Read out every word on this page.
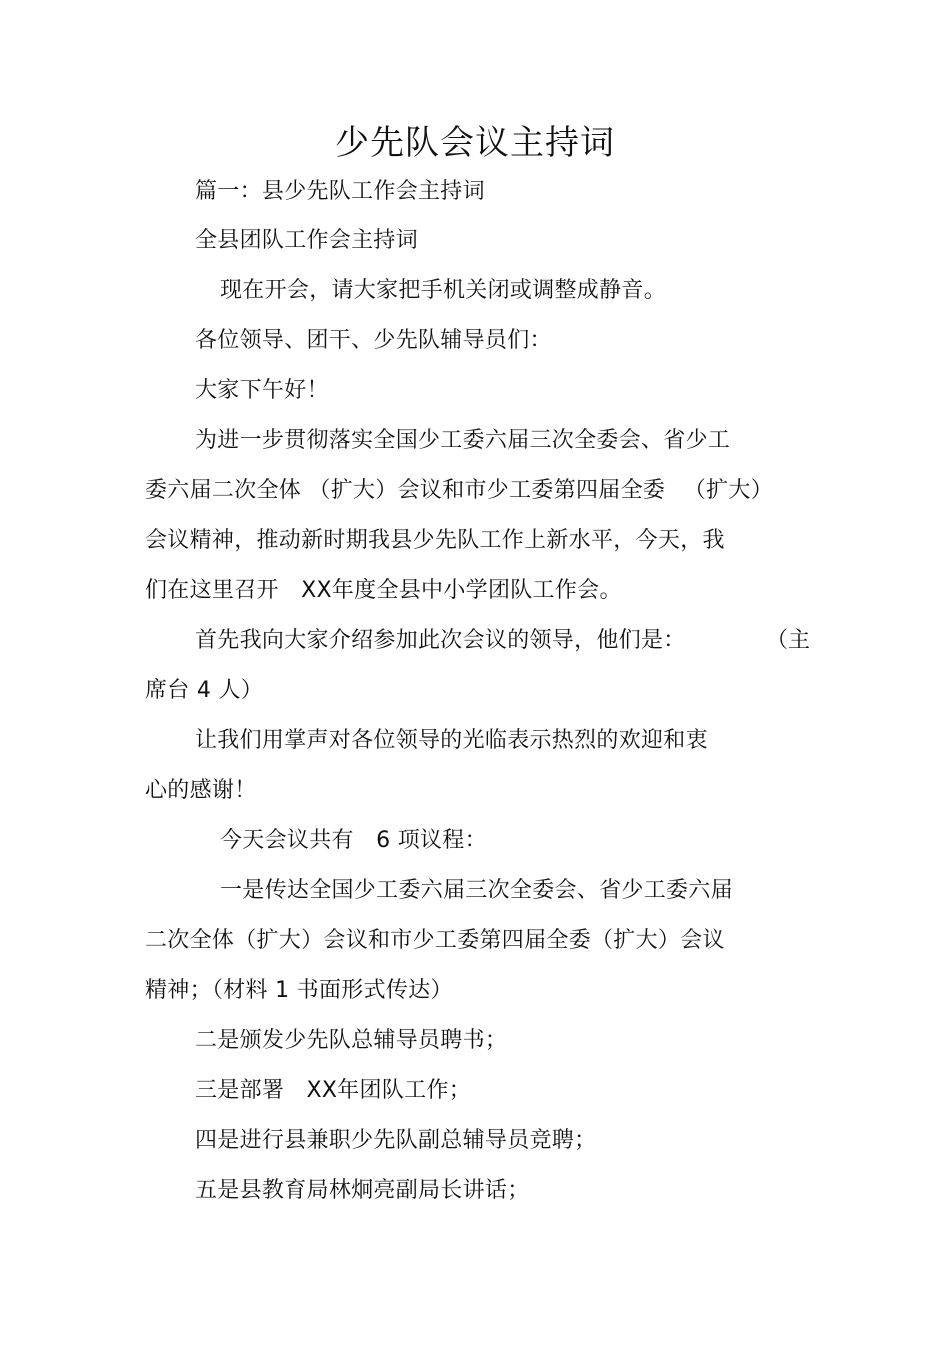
少先队会议主持词
篇一：县少先队工作会主持词
全县团队工作会主持词
现在开会，请大家把手机关闭或调整成静音。
各位领导、团干、少先队辅导员们：
大家下午好！
为进一步贯彻落实全国少工委六届三次全委会、省少工
委六届二次全体 （扩大）会议和市少工委第四届全委 　（扩大）
会议精神，推动新时期我县少先队工作上新水平，今天，我
们在这里召开　XX年度全县中小学团队工作会。
首先我向大家介绍参加此次会议的领导，他们是：	（主
席台 4 人）
让我们用掌声对各位领导的光临表示热烈的欢迎和衷
心的感谢！
今天会议共有　6 项议程：
一是传达全国少工委六届三次全委会、省少工委六届
二次全体（扩大）会议和市少工委第四届全委（扩大）会议
精神；（材料 1 书面形式传达）
二是颁发少先队总辅导员聘书；
三是部署　XX年团队工作；
四是进行县兼职少先队副总辅导员竞聘；
五是县教育局林炯亮副局长讲话；
